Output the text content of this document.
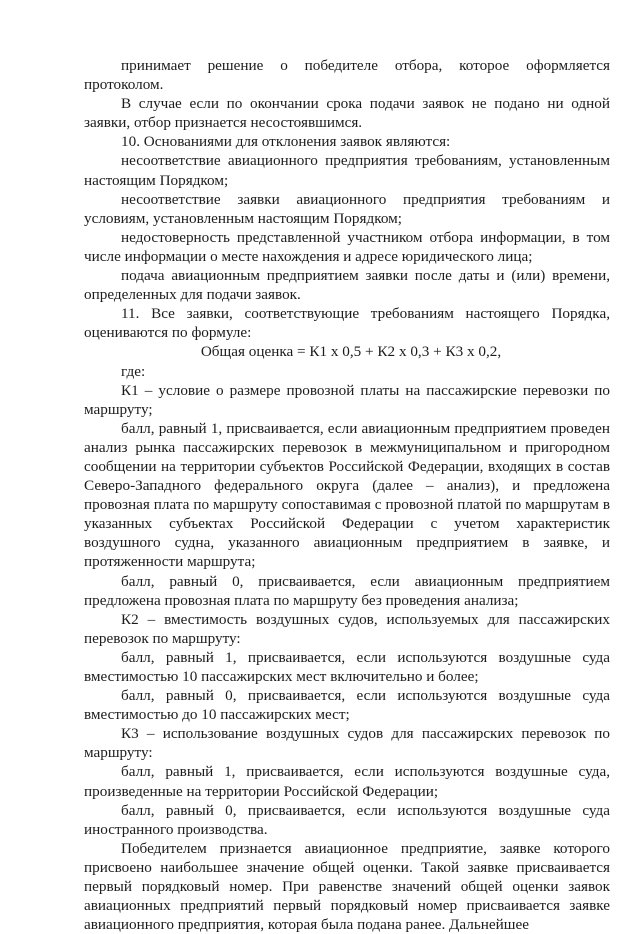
принимает решение о победителе отбора, которое оформляется протоколом.

В случае если по окончании срока подачи заявок не подано ни одной заявки, отбор признается несостоявшимся.

10. Основаниями для отклонения заявок являются:

несоответствие авиационного предприятия требованиям, установленным настоящим Порядком;

несоответствие заявки авиационного предприятия требованиям и условиям, установленным настоящим Порядком;

недостоверность представленной участником отбора информации, в том числе информации о месте нахождения и адресе юридического лица;

подача авиационным предприятием заявки после даты и (или) времени, определенных для подачи заявок.

11. Все заявки, соответствующие требованиям настоящего Порядка, оцениваются по формуле:

Общая оценка = К1 х 0,5 + К2 х 0,3 + К3 х 0,2,

где:

К1 – условие о размере провозной платы на пассажирские перевозки по маршруту;

балл, равный 1, присваивается, если авиационным предприятием проведен анализ рынка пассажирских перевозок в межмуниципальном и пригородном сообщении на территории субъектов Российской Федерации, входящих в состав Северо-Западного федерального округа (далее – анализ), и предложена провозная плата по маршруту сопоставимая с провозной платой по маршрутам в указанных субъектах Российской Федерации с учетом характеристик воздушного судна, указанного авиационным предприятием в заявке, и протяженности маршрута;

балл, равный 0, присваивается, если авиационным предприятием предложена провозная плата по маршруту без проведения анализа;

К2 – вместимость воздушных судов, используемых для пассажирских перевозок по маршруту:

балл, равный 1, присваивается, если используются воздушные суда вместимостью 10 пассажирских мест включительно и более;

балл, равный 0, присваивается, если используются воздушные суда вместимостью до 10 пассажирских мест;

К3 – использование воздушных судов для пассажирских перевозок по маршруту:

балл, равный 1, присваивается, если используются воздушные суда, произведенные на территории Российской Федерации;

балл, равный 0, присваивается, если используются воздушные суда иностранного производства.

Победителем признается авиационное предприятие, заявке которого присвоено наибольшее значение общей оценки. Такой заявке присваивается первый порядковый номер. При равенстве значений общей оценки заявок авиационных предприятий первый порядковый номер присваивается заявке авиационного предприятия, которая была подана ранее. Дальнейшее
